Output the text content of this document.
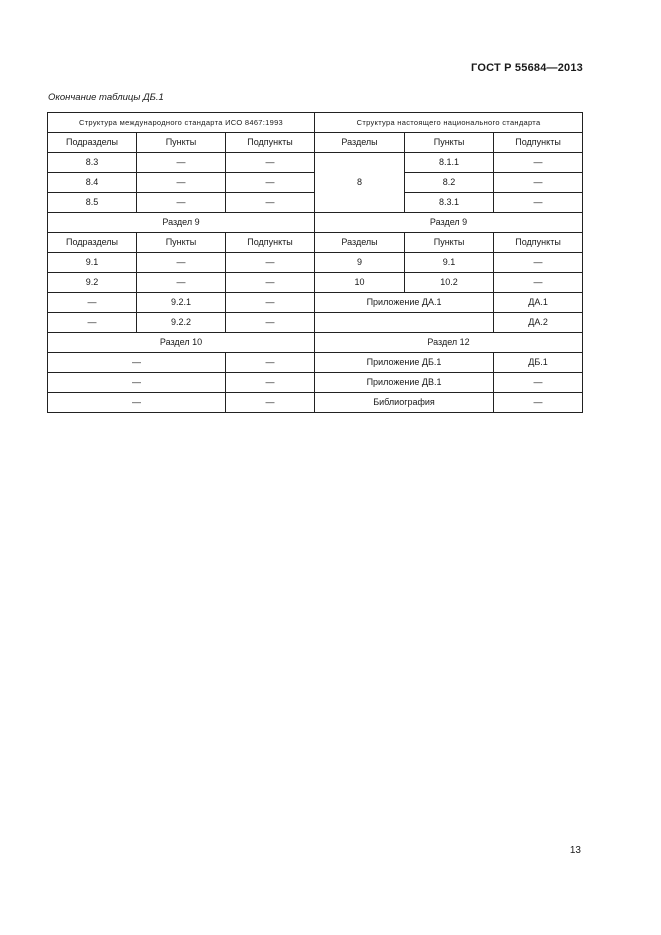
ГОСТ Р 55684—2013
Окончание таблицы ДБ.1
Структура международного стандарта ИСО 8467:1993			Структура настоящего национального стандарта		
Подразделы	Пункты	Подпункты	Разделы	Пункты	Подпункты
8.3	—	—	8	8.1.1	—
8.4	—	—		8.2	—
8.5	—	—		8.3.1	—
Раздел 9			Раздел 9		
Подразделы	Пункты	Подпункты	Разделы	Пункты	Подпункты
9.1	—	—	9	9.1	—
9.2	—	—	10	10.2	—
—	9.2.1	—	Приложение ДА.1		ДА.1
—	9.2.2	—			ДА.2
Раздел 10			Раздел 12		
—		—	Приложение ДБ.1		ДБ.1
—		—	Приложение ДВ.1		—
—		—	Библиография		—
13
